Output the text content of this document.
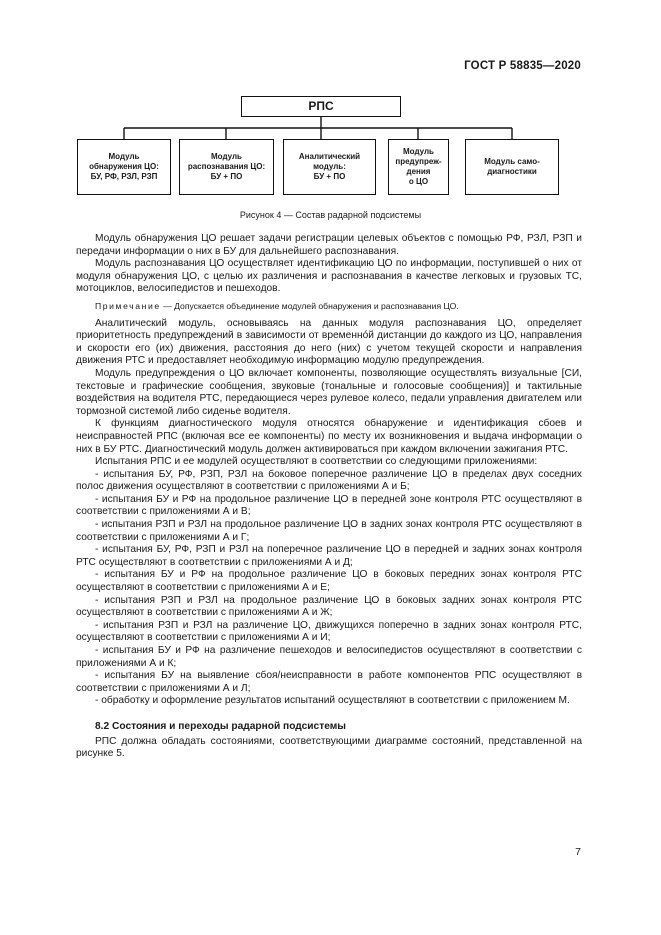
ГОСТ Р 58835—2020
РПС
Модуль
обнаружения ЦО:
БУ, РФ, РЗЛ, РЗП
Модуль
распознавания ЦО:
БУ + ПО
Аналитический
модуль:
БУ + ПО
Модуль
предупреж-
дения
о ЦО
Модуль само-
диагностики
Рисунок 4 — Состав радарной подсистемы

Модуль обнаружения ЦО решает задачи регистрации целевых объектов с помощью РФ, РЗЛ, РЗП и передачи информации о них в БУ для дальнейшего распознавания.

Модуль распознавания ЦО осуществляет идентификацию ЦО по информации, поступившей о них от модуля обнаружения ЦО, с целью их различения и распознавания в качестве легковых и грузовых ТС, мотоциклов, велосипедистов и пешеходов.

Примечание — Допускается объединение модулей обнаружения и распознавания ЦО.

Аналитический модуль, основываясь на данных модуля распознавания ЦО, определяет приоритетность предупреждений в зависимости от временно́й дистанции до каждого из ЦО, направления и скорости его (их) движения, расстояния до него (них) с учетом текущей скорости и направления движения РТС и предоставляет необходимую информацию модулю предупреждения.

Модуль предупреждения о ЦО включает компоненты, позволяющие осуществлять визуальные [СИ, текстовые и графические сообщения, звуковые (тональные и голосовые сообщения)] и тактильные воздействия на водителя РТС, передающиеся через рулевое колесо, педали управления двигателем или тормозной системой либо сиденье водителя.

К функциям диагностического модуля относятся обнаружение и идентификация сбоев и неисправностей РПС (включая все ее компоненты) по месту их возникновения и выдача информации о них в БУ РТС. Диагностический модуль должен активироваться при каждом включении зажигания РТС.

Испытания РПС и ее модулей осуществляют в соответствии со следующими приложениями:

- испытания БУ, РФ, РЗП, РЗЛ на боковое поперечное различение ЦО в пределах двух соседних полос движения осуществляют в соответствии с приложениями А и Б;

- испытания БУ и РФ на продольное различение ЦО в передней зоне контроля РТС осуществляют в соответствии с приложениями А и В;

- испытания РЗП и РЗЛ на продольное различение ЦО в задних зонах контроля РТС осуществляют в соответствии с приложениями А и Г;

- испытания БУ, РФ, РЗП и РЗЛ на поперечное различение ЦО в передней и задних зонах контроля РТС осуществляют в соответствии с приложениями А и Д;

- испытания БУ и РФ на продольное различение ЦО в боковых передних зонах контроля РТС осуществляют в соответствии с приложениями А и Е;

- испытания РЗП и РЗЛ на продольное различение ЦО в боковых задних зонах контроля РТС осуществляют в соответствии с приложениями А и Ж;

- испытания РЗП и РЗЛ на различение ЦО, движущихся поперечно в задних зонах контроля РТС, осуществляют в соответствии с приложениями А и И;

- испытания БУ и РФ на различение пешеходов и велосипедистов осуществляют в соответствии с приложениями А и К;

- испытания БУ на выявление сбоя/неисправности в работе компонентов РПС осуществляют в соответствии с приложениями А и Л;

- обработку и оформление результатов испытаний осуществляют в соответствии с приложением М.

8.2 Состояния и переходы радарной подсистемы

РПС должна обладать состояниями, соответствующими диаграмме состояний, представленной на рисунке 5.

7
